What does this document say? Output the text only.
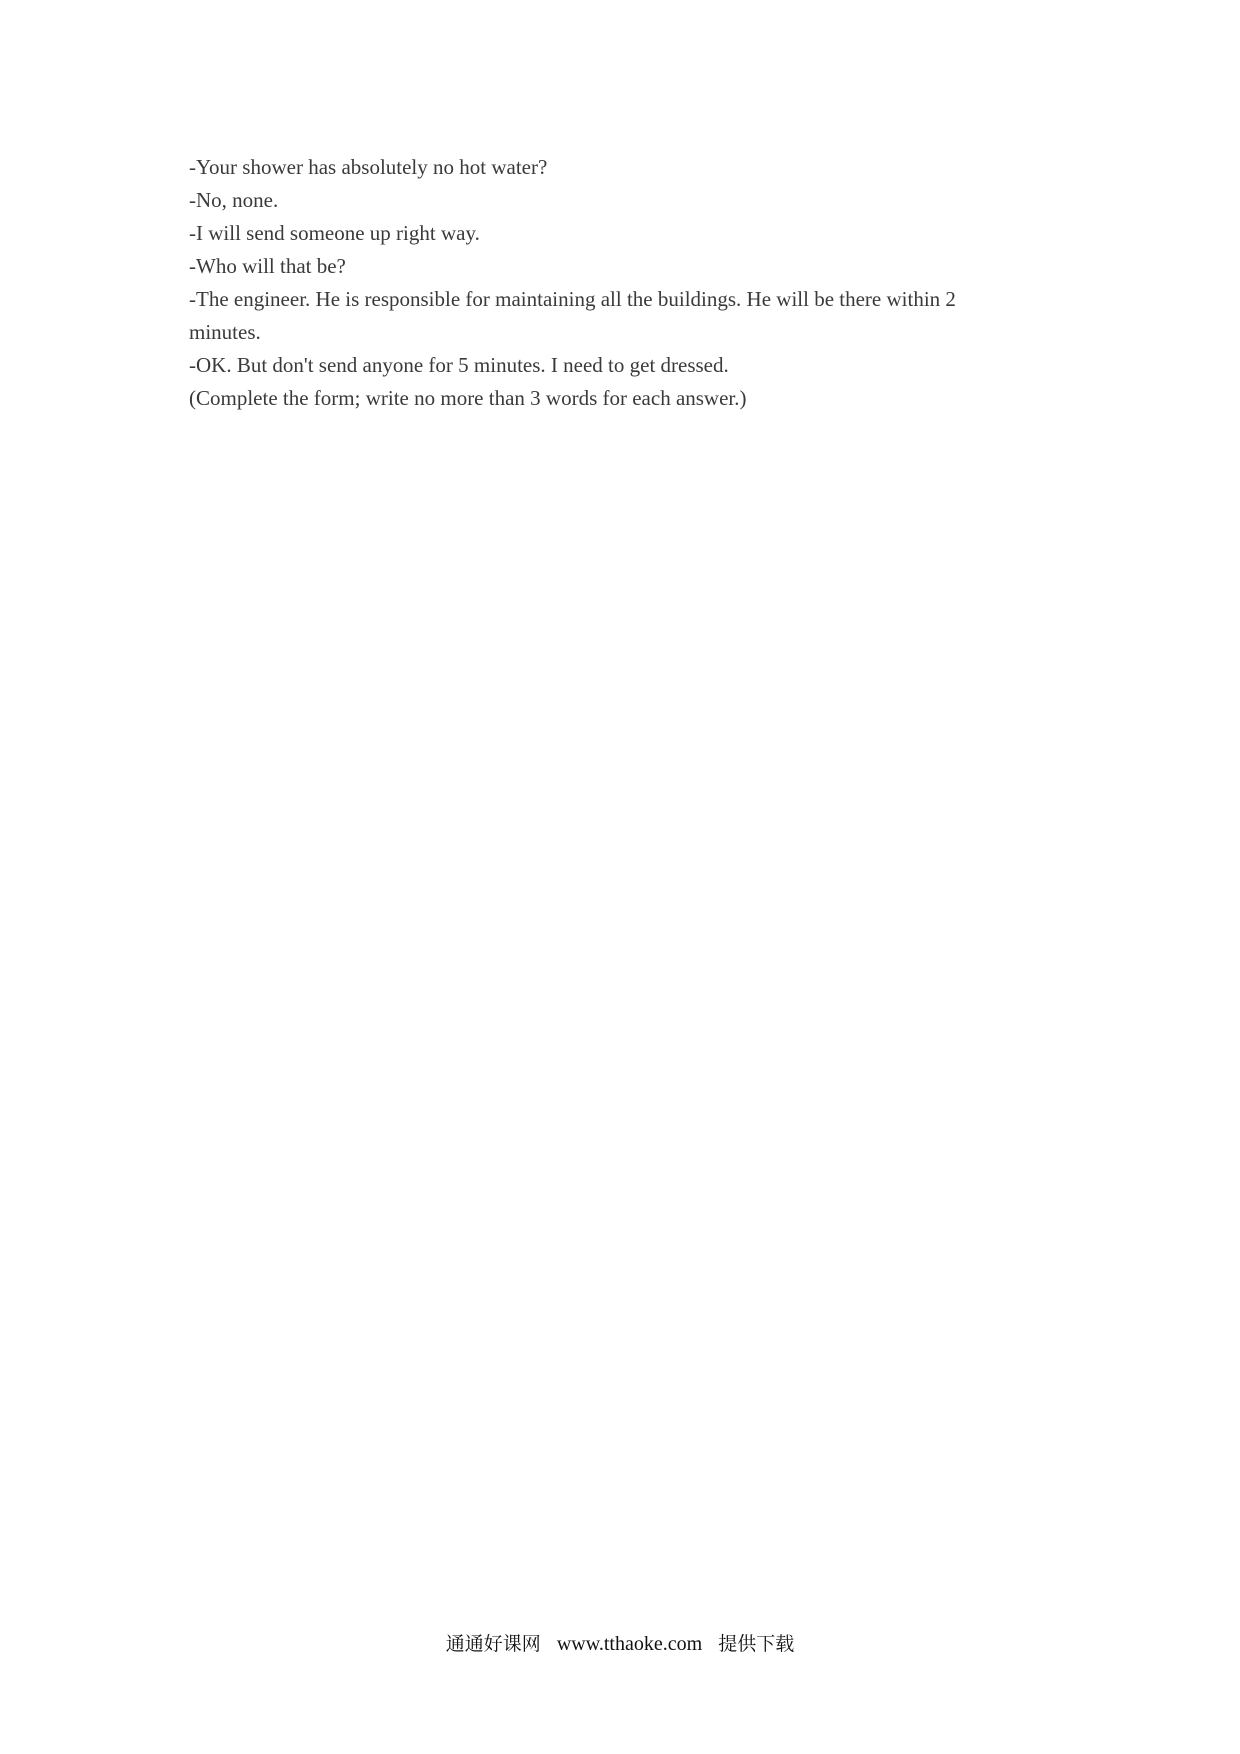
-Your shower has absolutely no hot water?

-No, none.

-I will send someone up right way.

-Who will that be?

-The engineer. He is responsible for maintaining all the buildings. He will be there within 2 minutes.

-OK. But don't send anyone for 5 minutes. I need to get dressed.

(Complete the form; write no more than 3 words for each answer.)

通通好课网 www.tthaoke.com 提供下载
